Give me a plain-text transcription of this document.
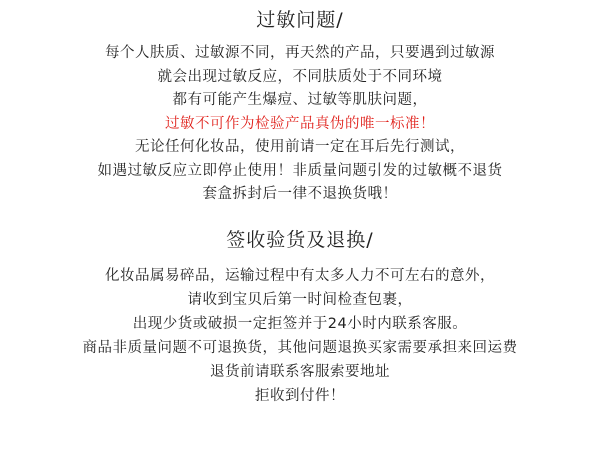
过敏问题/
每个人肤质、过敏源不同，再天然的产品，只要遇到过敏源
就会出现过敏反应，不同肤质处于不同环境
都有可能产生爆痘、过敏等肌肤问题，
过敏不可作为检验产品真伪的唯一标准！
无论任何化妆品，使用前请一定在耳后先行测试，
如遇过敏反应立即停止使用！非质量问题引发的过敏概不退货
套盒拆封后一律不退换货哦！
签收验货及退换/
化妆品属易碎品，运输过程中有太多人力不可左右的意外，
请收到宝贝后第一时间检查包裹，
出现少货或破损一定拒签并于24小时内联系客服。
商品非质量问题不可退换货，其他问题退换买家需要承担来回运费
退货前请联系客服索要地址
拒收到付件！
